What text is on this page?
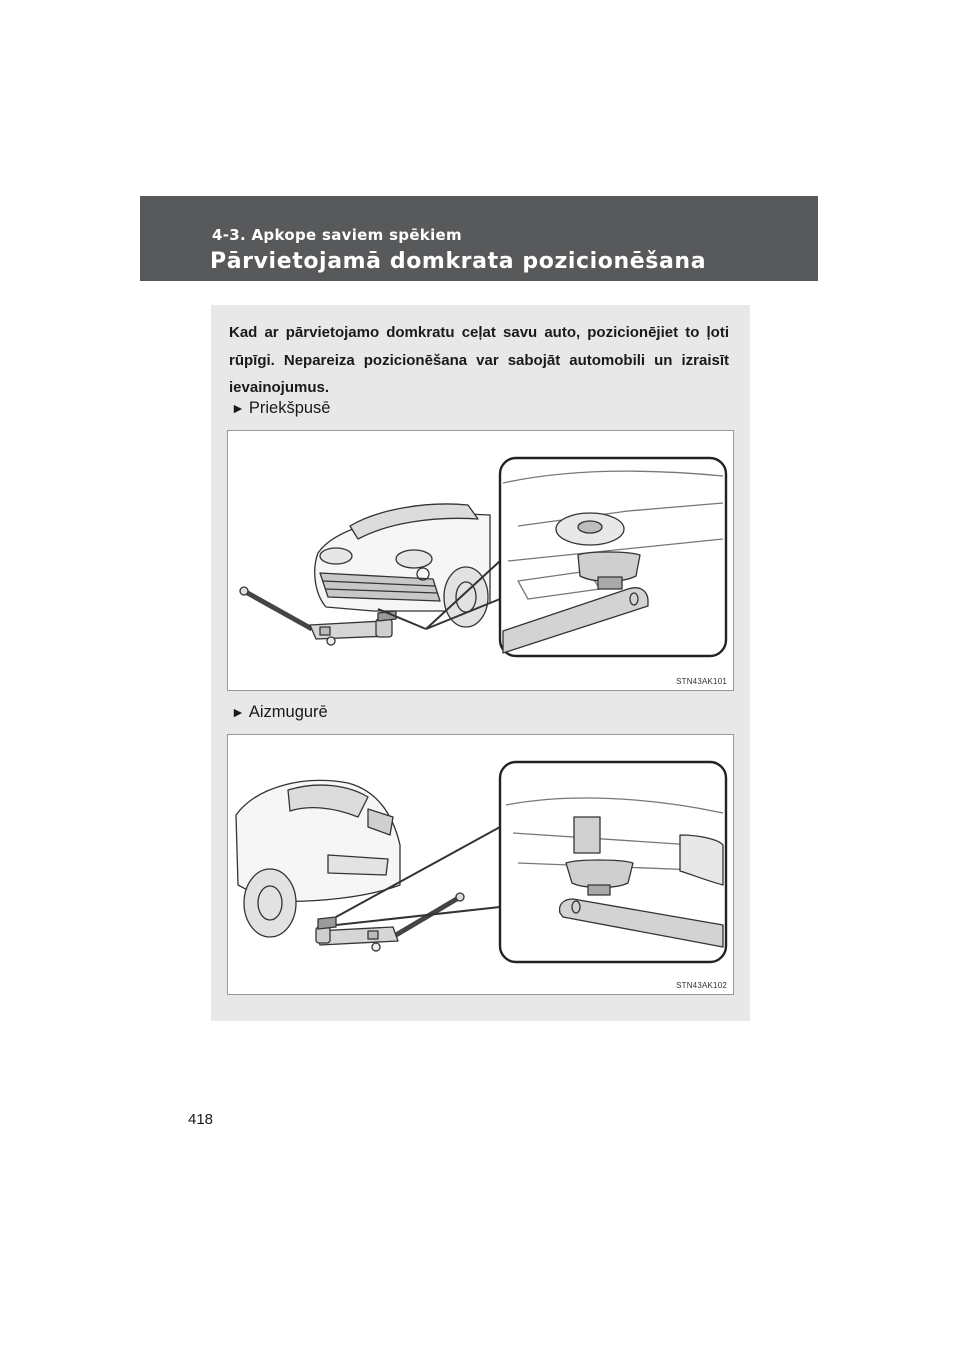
4-3. Apkope saviem spēkiem
Pārvietojamā domkrata pozicionēšana
Kad ar pārvietojamo domkratu ceļat savu auto, pozicionējiet to ļoti rūpīgi. Nepareiza pozicionēšana var sabojāt automobili un izraisīt ievainojumus.
► Priekšpusē
STN43AK101
► Aizmugurē
STN43AK102
418
